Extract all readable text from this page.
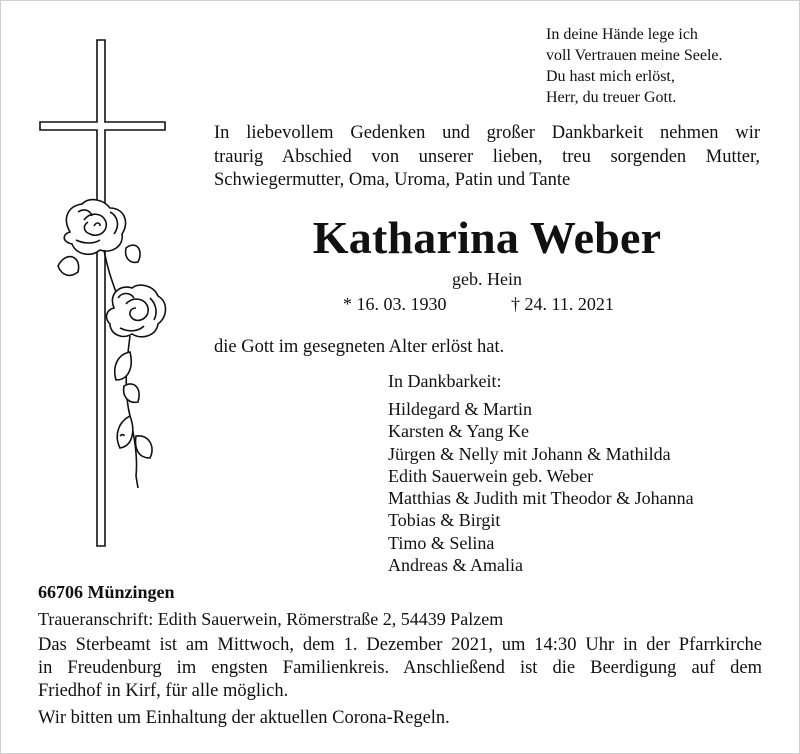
In deine Hände lege ich
voll Vertrauen meine Seele.
Du hast mich erlöst,
Herr, du treuer Gott.
In liebevollem Gedenken und großer Dankbarkeit nehmen wir
traurig Abschied von unserer lieben, treu sorgenden Mutter,
Schwiegermutter, Oma, Uroma, Patin und Tante
Katharina Weber
geb. Hein
* 16. 03. 1930	† 24. 11. 2021
die Gott im gesegneten Alter erlöst hat.
In Dankbarkeit:
Hildegard & Martin
Karsten & Yang Ke
Jürgen & Nelly mit Johann & Mathilda
Edith Sauerwein geb. Weber
Matthias & Judith mit Theodor & Johanna
Tobias & Birgit
Timo & Selina
Andreas & Amalia
66706 Münzingen
Traueranschrift: Edith Sauerwein, Römerstraße 2, 54439 Palzem
Das Sterbeamt ist am Mittwoch, dem 1. Dezember 2021, um 14:30 Uhr in der Pfarrkirche
in Freudenburg im engsten Familienkreis. Anschließend ist die Beerdigung auf dem
Friedhof in Kirf, für alle möglich.
Wir bitten um Einhaltung der aktuellen Corona-Regeln.
